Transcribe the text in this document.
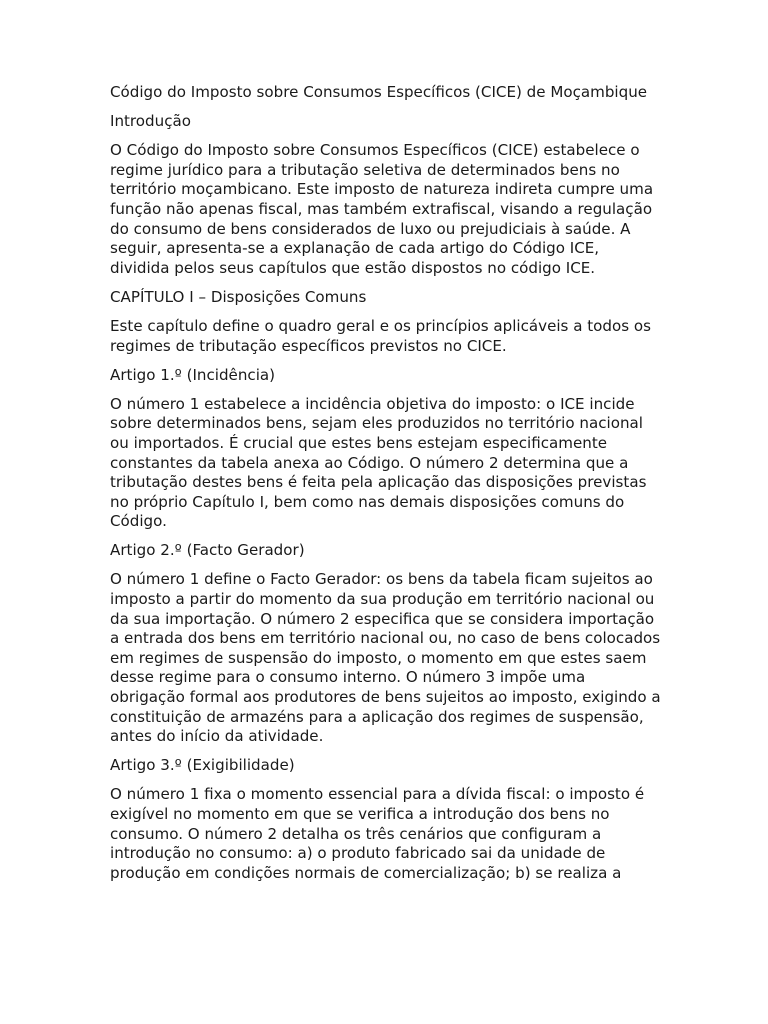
Código do Imposto sobre Consumos Específicos (CICE) de Moçambique

Introdução

O Código do Imposto sobre Consumos Específicos (CICE) estabelece o regime jurídico para a tributação seletiva de determinados bens no território moçambicano. Este imposto de natureza indireta cumpre uma função não apenas fiscal, mas também extrafiscal, visando a regulação do consumo de bens considerados de luxo ou prejudiciais à saúde. A seguir, apresenta-se a explanação de cada artigo do Código ICE, dividida pelos seus capítulos que estão dispostos no código ICE.

CAPÍTULO I – Disposições Comuns

Este capítulo define o quadro geral e os princípios aplicáveis a todos os regimes de tributação específicos previstos no CICE.

Artigo 1.º (Incidência)

O número 1 estabelece a incidência objetiva do imposto: o ICE incide sobre determinados bens, sejam eles produzidos no território nacional ou importados. É crucial que estes bens estejam especificamente constantes da tabela anexa ao Código. O número 2 determina que a tributação destes bens é feita pela aplicação das disposições previstas no próprio Capítulo I, bem como nas demais disposições comuns do Código.

Artigo 2.º (Facto Gerador)

O número 1 define o Facto Gerador: os bens da tabela ficam sujeitos ao imposto a partir do momento da sua produção em território nacional ou da sua importação. O número 2 especifica que se considera importação a entrada dos bens em território nacional ou, no caso de bens colocados em regimes de suspensão do imposto, o momento em que estes saem desse regime para o consumo interno. O número 3 impõe uma obrigação formal aos produtores de bens sujeitos ao imposto, exigindo a constituição de armazéns para a aplicação dos regimes de suspensão, antes do início da atividade.

Artigo 3.º (Exigibilidade)

O número 1 fixa o momento essencial para a dívida fiscal: o imposto é exigível no momento em que se verifica a introdução dos bens no consumo. O número 2 detalha os três cenários que configuram a introdução no consumo: a) o produto fabricado sai da unidade de produção em condições normais de comercialização; b) se realiza a
